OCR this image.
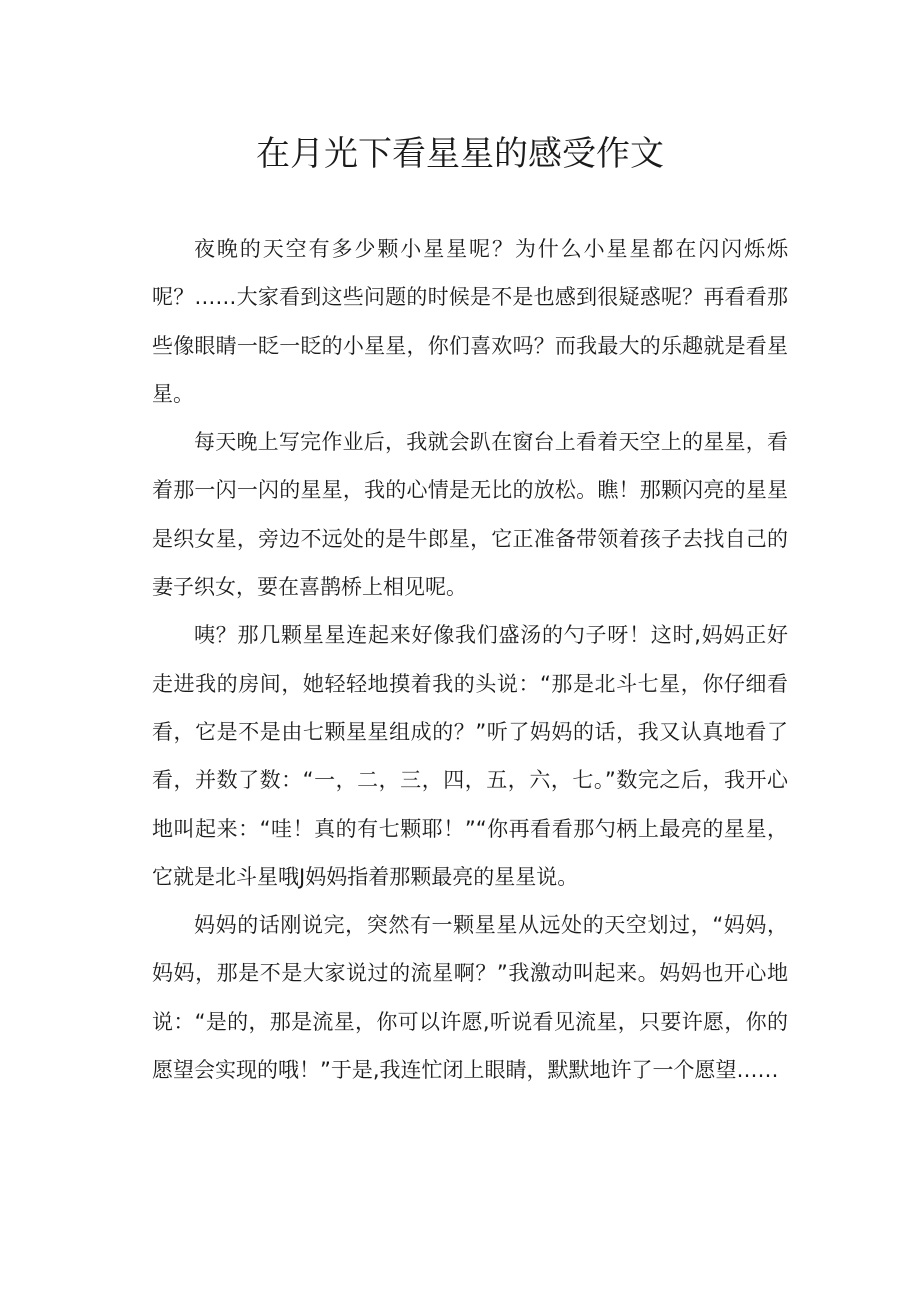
在月光下看星星的感受作文

夜晚的天空有多少颗小星星呢？为什么小星星都在闪闪烁烁呢？……大家看到这些问题的时候是不是也感到很疑惑呢？再看看那些像眼睛一眨一眨的小星星，你们喜欢吗？而我最大的乐趣就是看星星。

每天晚上写完作业后，我就会趴在窗台上看着天空上的星星，看着那一闪一闪的星星，我的心情是无比的放松。瞧！那颗闪亮的星星是织女星，旁边不远处的是牛郎星，它正准备带领着孩子去找自己的妻子织女，要在喜鹊桥上相见呢。

咦？那几颗星星连起来好像我们盛汤的勺子呀！这时,妈妈正好走进我的房间，她轻轻地摸着我的头说：“那是北斗七星，你仔细看看，它是不是由七颗星星组成的？”听了妈妈的话，我又认真地看了看，并数了数：“一，二，三，四，五，六，七。”数完之后，我开心地叫起来：“哇！真的有七颗耶！”“你再看看那勺柄上最亮的星星，它就是北斗星哦J妈妈指着那颗最亮的星星说。

妈妈的话刚说完，突然有一颗星星从远处的天空划过，“妈妈，妈妈，那是不是大家说过的流星啊？”我激动叫起来。妈妈也开心地说：“是的，那是流星，你可以许愿,听说看见流星，只要许愿，你的愿望会实现的哦！”于是,我连忙闭上眼睛，默默地许了一个愿望……
